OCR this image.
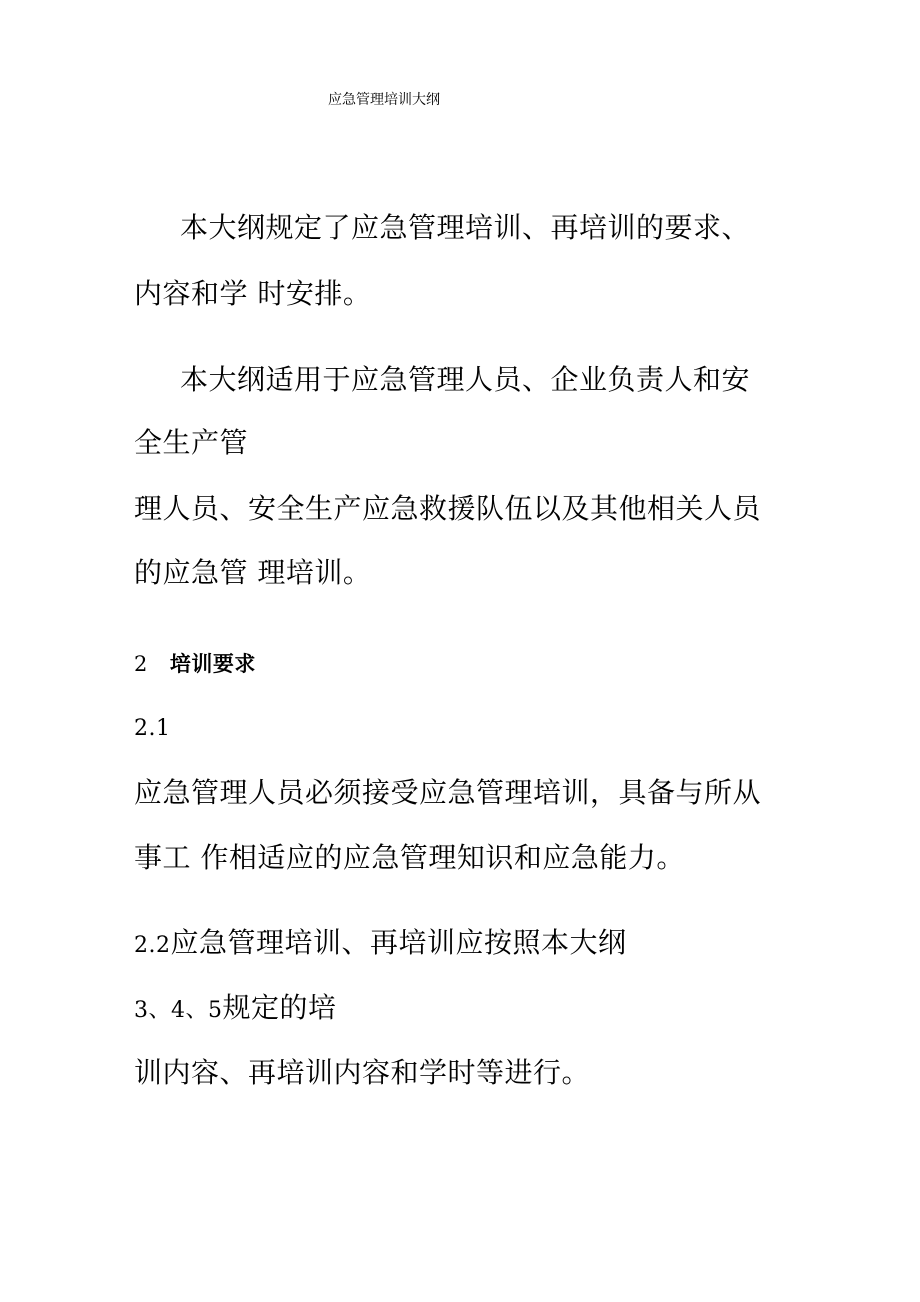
应急管理培训大纲
本大纲规定了应急管理培训、再培训的要求、
内容和学 时安排。
本大纲适用于应急管理人员、企业负责人和安
全生产管
理人员、安全生产应急救援队伍以及其他相关人员
的应急管 理培训。
2 培训要求
2.1
应急管理人员必须接受应急管理培训，具备与所从
事工 作相适应的应急管理知识和应急能力。
2.2应急管理培训、再培训应按照本大纲
3、4、5规定的培
训内容、再培训内容和学时等进行。
